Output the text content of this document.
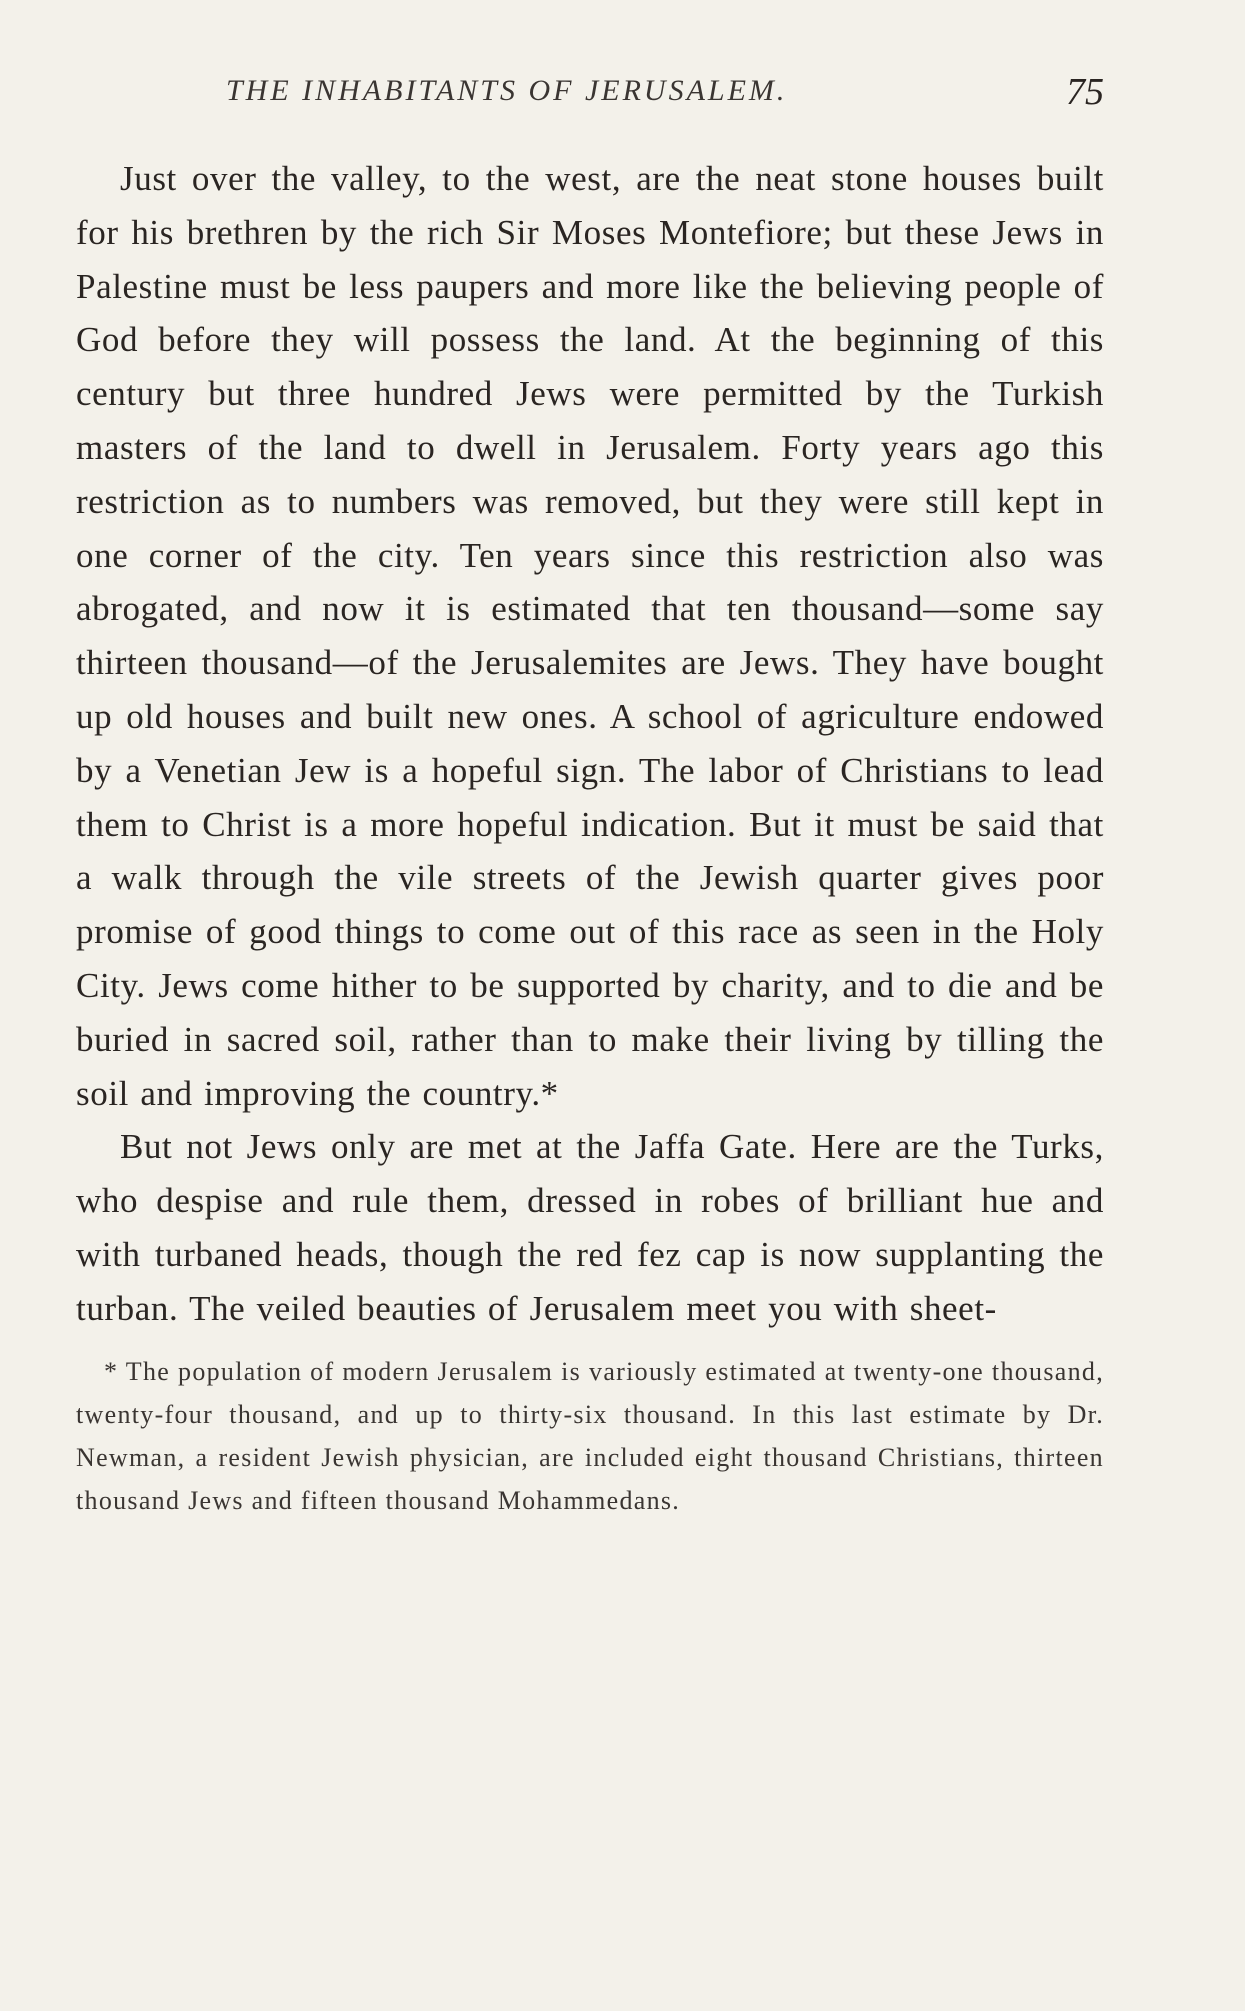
THE INHABITANTS OF JERUSALEM.	75

Just over the valley, to the west, are the neat stone houses built for his brethren by the rich Sir Moses Montefiore; but these Jews in Palestine must be less paupers and more like the believing people of God before they will possess the land. At the beginning of this century but three hundred Jews were permitted by the Turkish masters of the land to dwell in Jerusalem. Forty years ago this restriction as to numbers was removed, but they were still kept in one corner of the city. Ten years since this restriction also was abrogated, and now it is estimated that ten thousand—some say thirteen thousand—of the Jerusalemites are Jews. They have bought up old houses and built new ones. A school of agriculture endowed by a Venetian Jew is a hopeful sign. The labor of Christians to lead them to Christ is a more hopeful indication. But it must be said that a walk through the vile streets of the Jewish quarter gives poor promise of good things to come out of this race as seen in the Holy City. Jews come hither to be supported by charity, and to die and be buried in sacred soil, rather than to make their living by tilling the soil and improving the country.*

But not Jews only are met at the Jaffa Gate. Here are the Turks, who despise and rule them, dressed in robes of brilliant hue and with turbaned heads, though the red fez cap is now supplanting the turban. The veiled beauties of Jerusalem meet you with sheet-

* The population of modern Jerusalem is variously estimated at twenty-one thousand, twenty-four thousand, and up to thirty-six thousand. In this last estimate by Dr. Newman, a resident Jewish physician, are included eight thousand Christians, thirteen thousand Jews and fifteen thousand Mohammedans.
